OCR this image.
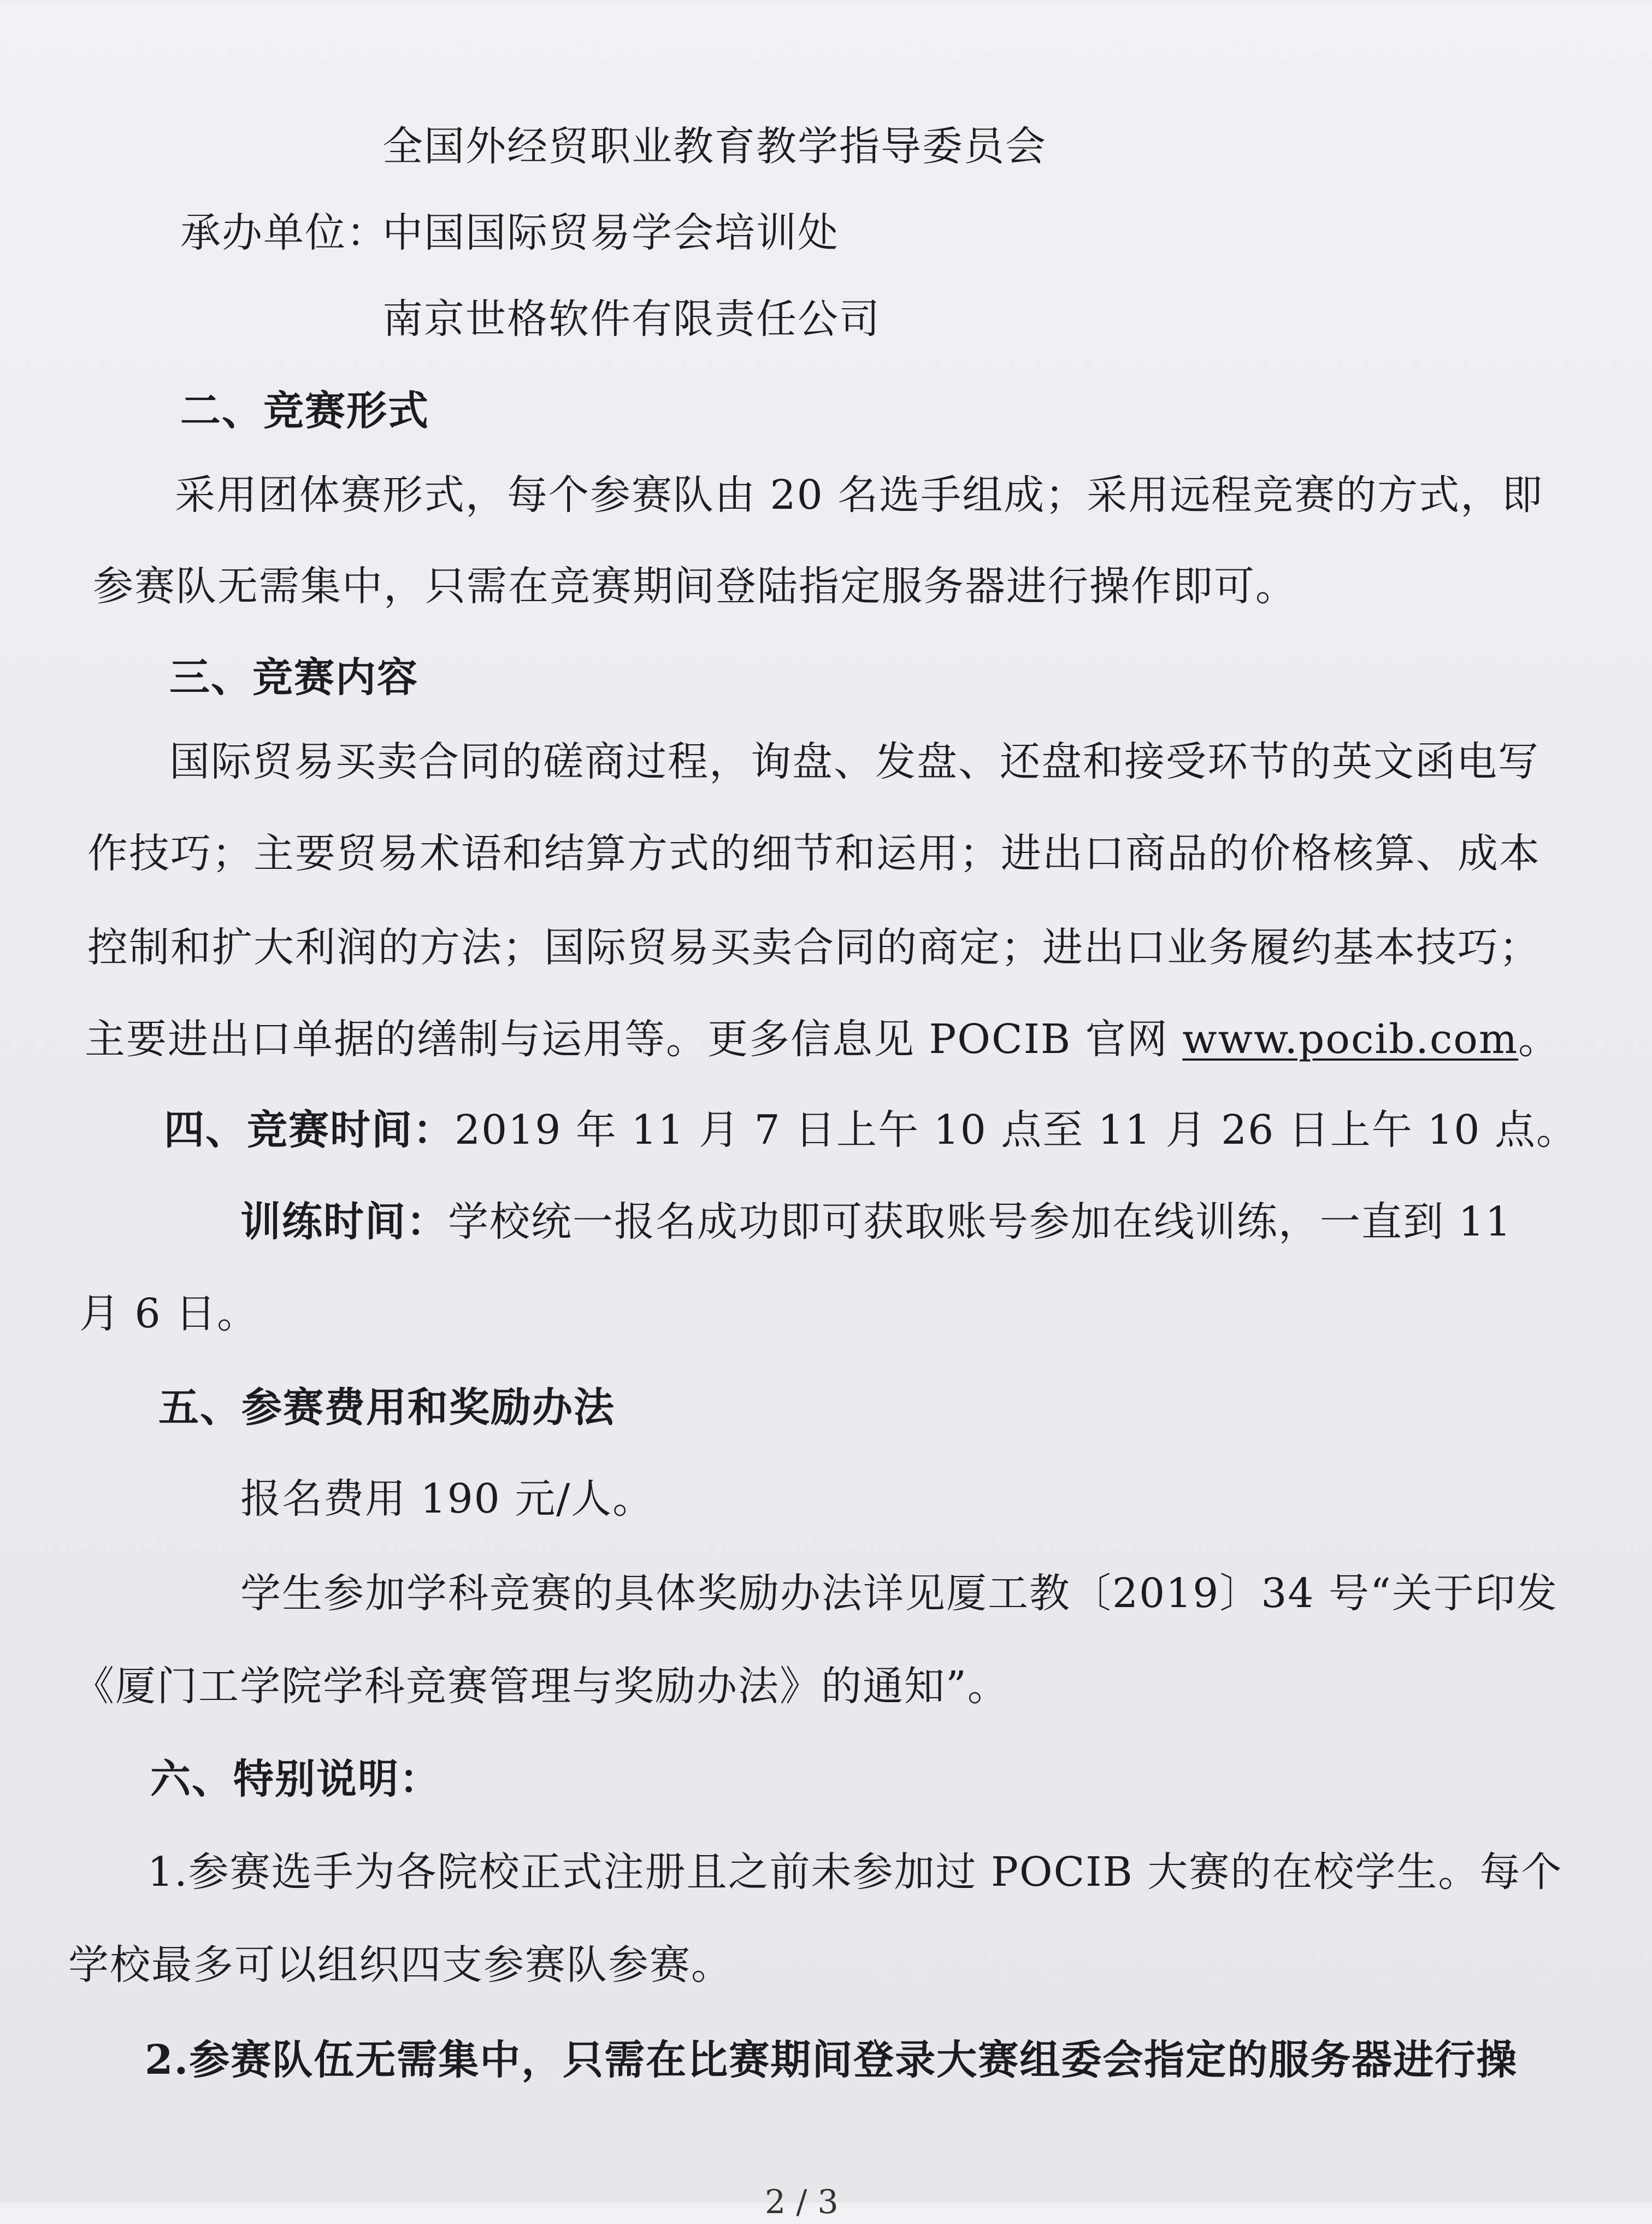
全国外经贸职业教育教学指导委员会

承办单位：

中国国际贸易学会培训处

南京世格软件有限责任公司

二、竞赛形式

采用团体赛形式，每个参赛队由 20 名选手组成；采用远程竞赛的方式，即

参赛队无需集中，只需在竞赛期间登陆指定服务器进行操作即可。

三、竞赛内容

国际贸易买卖合同的磋商过程，询盘、发盘、还盘和接受环节的英文函电写

作技巧；主要贸易术语和结算方式的细节和运用；进出口商品的价格核算、成本

控制和扩大利润的方法；国际贸易买卖合同的商定；进出口业务履约基本技巧；

主要进出口单据的缮制与运用等。更多信息见 POCIB 官网 www.pocib.com。

四、竞赛时间：2019 年 11 月 7 日上午 10 点至 11 月 26 日上午 10 点。

训练时间：学校统一报名成功即可获取账号参加在线训练，一直到 11

月 6 日。

五、参赛费用和奖励办法

报名费用 190 元/人。

学生参加学科竞赛的具体奖励办法详见厦工教〔2019〕34 号“关于印发

《厦门工学院学科竞赛管理与奖励办法》的通知”。

六、特别说明：

1.参赛选手为各院校正式注册且之前未参加过 POCIB 大赛的在校学生。每个

学校最多可以组织四支参赛队参赛。

2.参赛队伍无需集中，只需在比赛期间登录大赛组委会指定的服务器进行操

2 / 3
